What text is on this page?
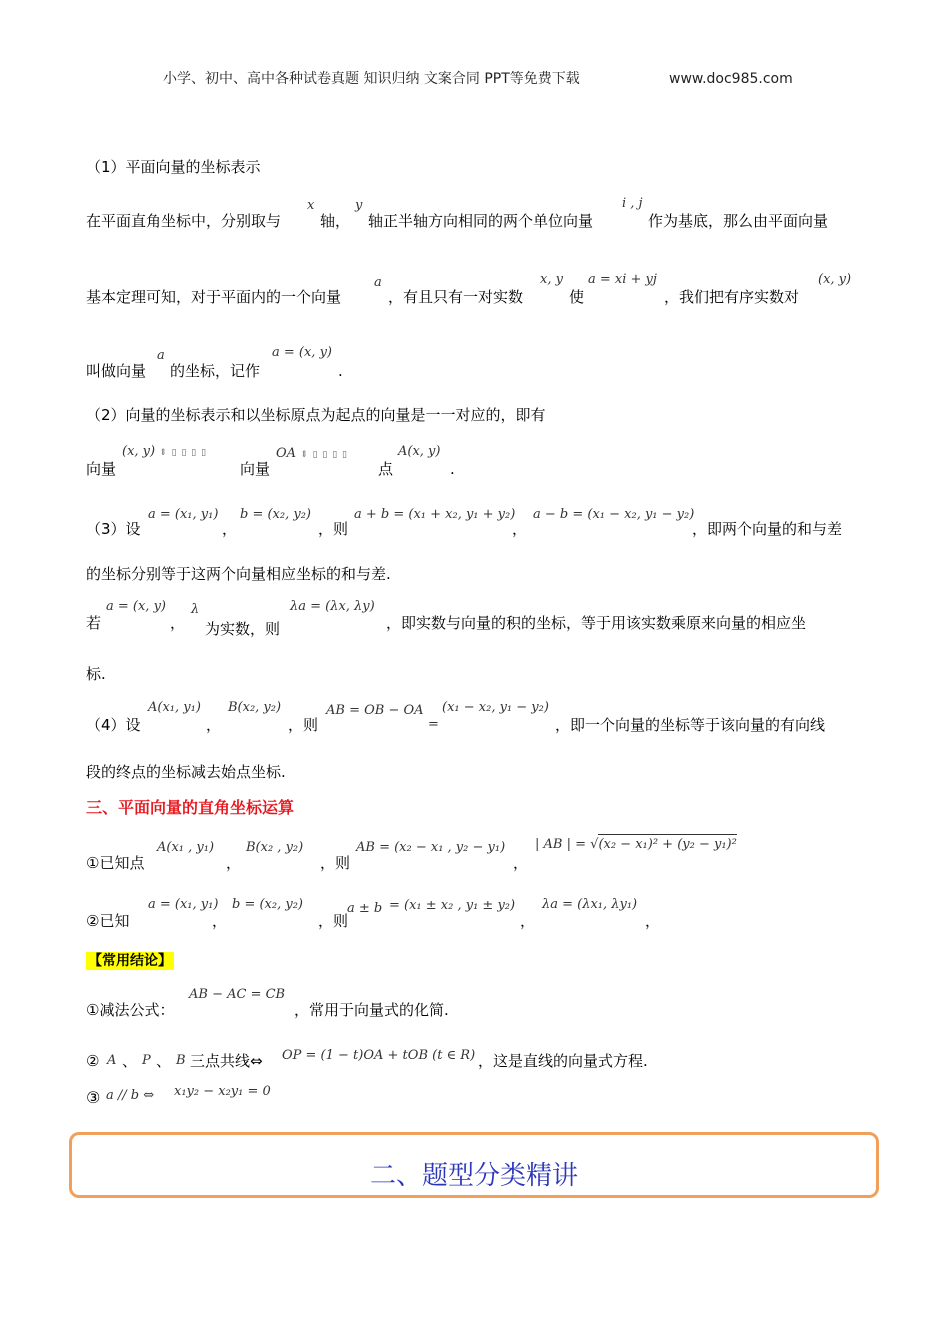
小学、初中、高中各种试卷真题 知识归纳 文案合同 PPT等免费下载	www.doc985.com
（1）平面向量的坐标表示
在平面直角坐标中，分别取与
x
轴，
y
轴正半轴方向相同的两个单位向量
i , j
作为基底，那么由平面向量
基本定理可知，对于平面内的一个向量
a
，有且只有一对实数
x, y
使
a = xi + yj
，我们把有序实数对
(x, y)
叫做向量
a
的坐标，记作
a = (x, y)
.
（2）向量的坐标表示和以坐标原点为起点的向量是一一对应的，即有
向量
(x, y) ⇕ ▯ ▯ ▯ ▯
向量
OA ⇕ ▯ ▯ ▯ ▯
点
A(x, y)
.
（3）设
a = (x₁, y₁)
，
b = (x₂, y₂)
，则
a + b = (x₁ + x₂, y₁ + y₂)
，
a − b = (x₁ − x₂, y₁ − y₂)
，即两个向量的和与差
的坐标分别等于这两个向量相应坐标的和与差.
若
a = (x, y)
，
λ
为实数，则
λa = (λx, λy)
，即实数与向量的积的坐标，等于用该实数乘原来向量的相应坐
标.
（4）设
A(x₁, y₁)
，
B(x₂, y₂)
，则
AB = OB − OA
=
(x₁ − x₂, y₁ − y₂)
，即一个向量的坐标等于该向量的有向线
段的终点的坐标减去始点坐标.
三、平面向量的直角坐标运算
①已知点
A(x₁ , y₁)
，
B(x₂ , y₂)
，则
AB = (x₂ − x₁ , y₂ − y₁)
，
| AB | = √(x₂ − x₁)² + (y₂ − y₁)²
②已知
a = (x₁, y₁)
，
b = (x₂, y₂)
，则
a ± b = (x₁ ± x₂ , y₁ ± y₂)
，
λa = (λx₁, λy₁)
，
【常用结论】
①减法公式：
AB − AC = CB
，常用于向量式的化简.
② A 、 P 、 B 三点共线⇔ OP = (1 − t)OA + tOB (t ∈ R) ，这是直线的向量式方程.
③ a // b ⇔ x₁y₂ − x₂y₁ = 0
二、题型分类精讲
